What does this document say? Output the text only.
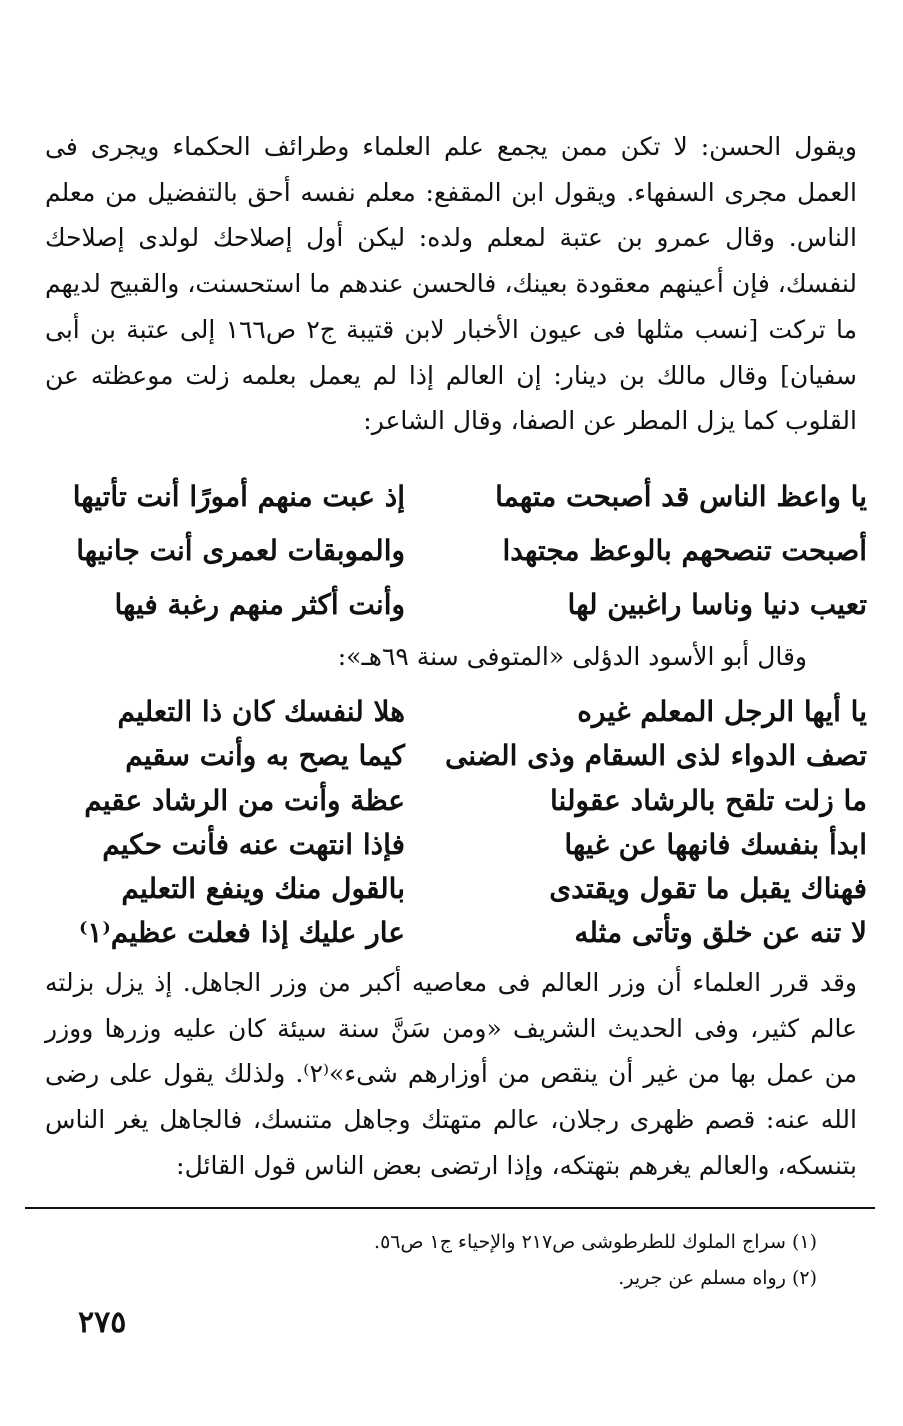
ويقول الحسن: لا تكن ممن يجمع علم العلماء وطرائف الحكماء ويجرى فى العمل مجرى السفهاء. ويقول ابن المقفع: معلم نفسه أحق بالتفضيل من معلم الناس. وقال عمرو بن عتبة لمعلم ولده: ليكن أول إصلاحك لولدى إصلاحك لنفسك، فإن أعينهم معقودة بعينك، فالحسن عندهم ما استحسنت، والقبيح لديهم ما تركت [نسب مثلها فى عيون الأخبار لابن قتيبة ج٢ ص١٦٦ إلى عتبة بن أبى سفيان] وقال مالك بن دينار: إن العالم إذا لم يعمل بعلمه زلت موعظته عن القلوب كما يزل المطر عن الصفا، وقال الشاعر:

يا واعظ الناس قد أصبحت متهما
إذ عبت منهم أمورًا أنت تأتيها
أصبحت تنصحهم بالوعظ مجتهدا
والموبقات لعمرى أنت جانيها
تعيب دنيا وناسا راغبين لها
وأنت أكثر منهم رغبة فيها
وقال أبو الأسود الدؤلى «المتوفى سنة ٦٩هـ»:
يا أيها الرجل المعلم غيره
هلا لنفسك كان ذا التعليم
تصف الدواء لذى السقام وذى الضنى
كيما يصح به وأنت سقيم
ما زلت تلقح بالرشاد عقولنا
عظة وأنت من الرشاد عقيم
ابدأ بنفسك فانهها عن غيها
فإذا انتهت عنه فأنت حكيم
فهناك يقبل ما تقول ويقتدى
بالقول منك وينفع التعليم
لا تنه عن خلق وتأتى مثله
عار عليك إذا فعلت عظيم⁽١⁾

وقد قرر العلماء أن وزر العالم فى معاصيه أكبر من وزر الجاهل. إذ يزل بزلته عالم كثير، وفى الحديث الشريف «ومن سَنَّ سنة سيئة كان عليه وزرها ووزر من عمل بها من غير أن ينقص من أوزارهم شىء»⁽٢⁾. ولذلك يقول على رضى الله عنه: قصم ظهرى رجلان، عالم متهتك وجاهل متنسك، فالجاهل يغر الناس بتنسكه، والعالم يغرهم بتهتكه، وإذا ارتضى بعض الناس قول القائل:

(١) سراج الملوك للطرطوشى ص٢١٧ والإحياء ج١ ص٥٦.
(٢) رواه مسلم عن جرير.
٢٧٥
